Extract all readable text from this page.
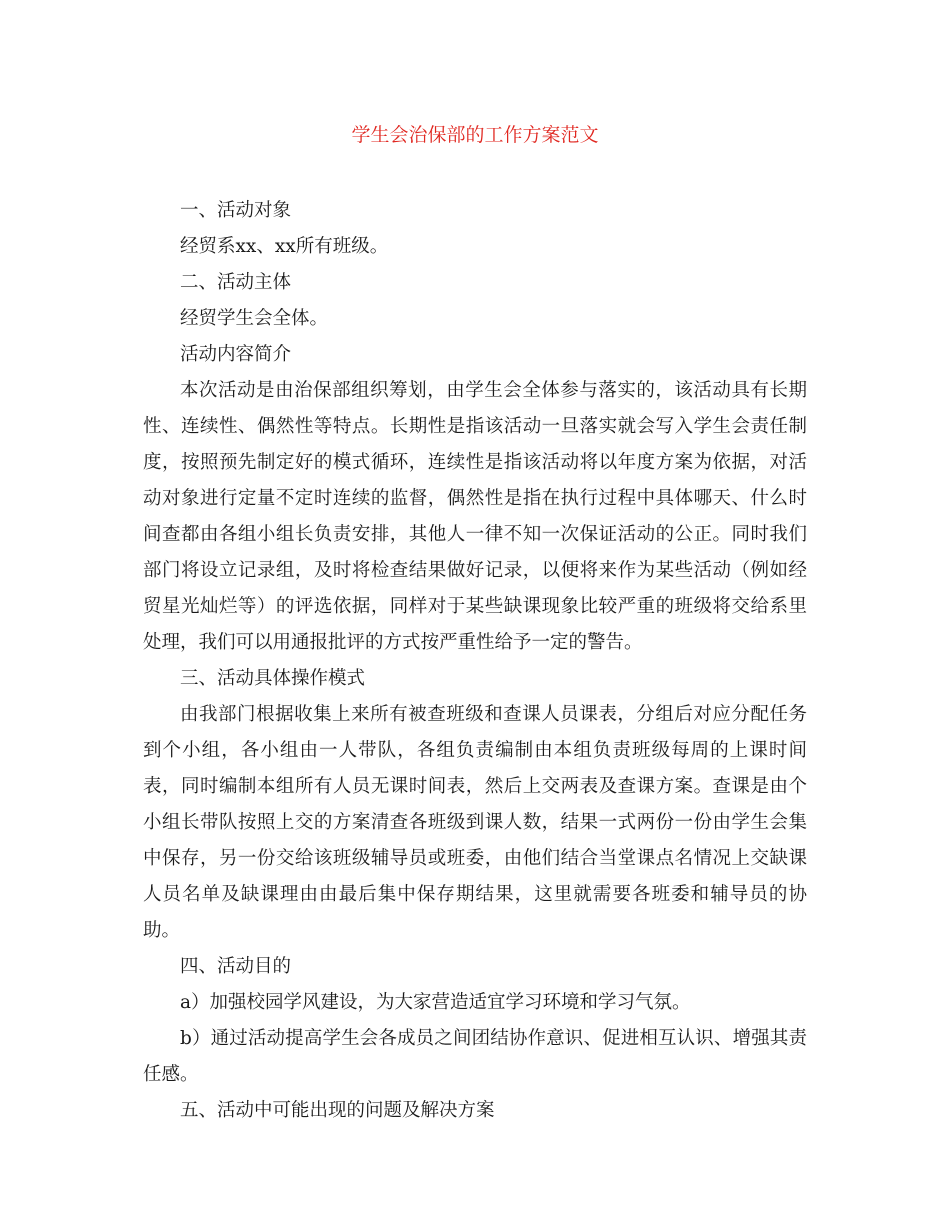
学生会治保部的工作方案范文

一、活动对象

经贸系xx、xx所有班级。

二、活动主体

经贸学生会全体。

活动内容简介

本次活动是由治保部组织筹划，由学生会全体参与落实的，该活动具有长期性、连续性、偶然性等特点。长期性是指该活动一旦落实就会写入学生会责任制度，按照预先制定好的模式循环，连续性是指该活动将以年度方案为依据，对活动对象进行定量不定时连续的监督，偶然性是指在执行过程中具体哪天、什么时间查都由各组小组长负责安排，其他人一律不知一次保证活动的公正。同时我们部门将设立记录组，及时将检查结果做好记录，以便将来作为某些活动（例如经贸星光灿烂等）的评选依据，同样对于某些缺课现象比较严重的班级将交给系里处理，我们可以用通报批评的方式按严重性给予一定的警告。

三、活动具体操作模式

由我部门根据收集上来所有被查班级和查课人员课表，分组后对应分配任务到个小组，各小组由一人带队，各组负责编制由本组负责班级每周的上课时间表，同时编制本组所有人员无课时间表，然后上交两表及查课方案。查课是由个小组长带队按照上交的方案清查各班级到课人数，结果一式两份一份由学生会集中保存，另一份交给该班级辅导员或班委，由他们结合当堂课点名情况上交缺课人员名单及缺课理由由最后集中保存期结果，这里就需要各班委和辅导员的协助。

四、活动目的

a）加强校园学风建设，为大家营造适宜学习环境和学习气氛。

b）通过活动提高学生会各成员之间团结协作意识、促进相互认识、增强其责任感。

五、活动中可能出现的问题及解决方案
